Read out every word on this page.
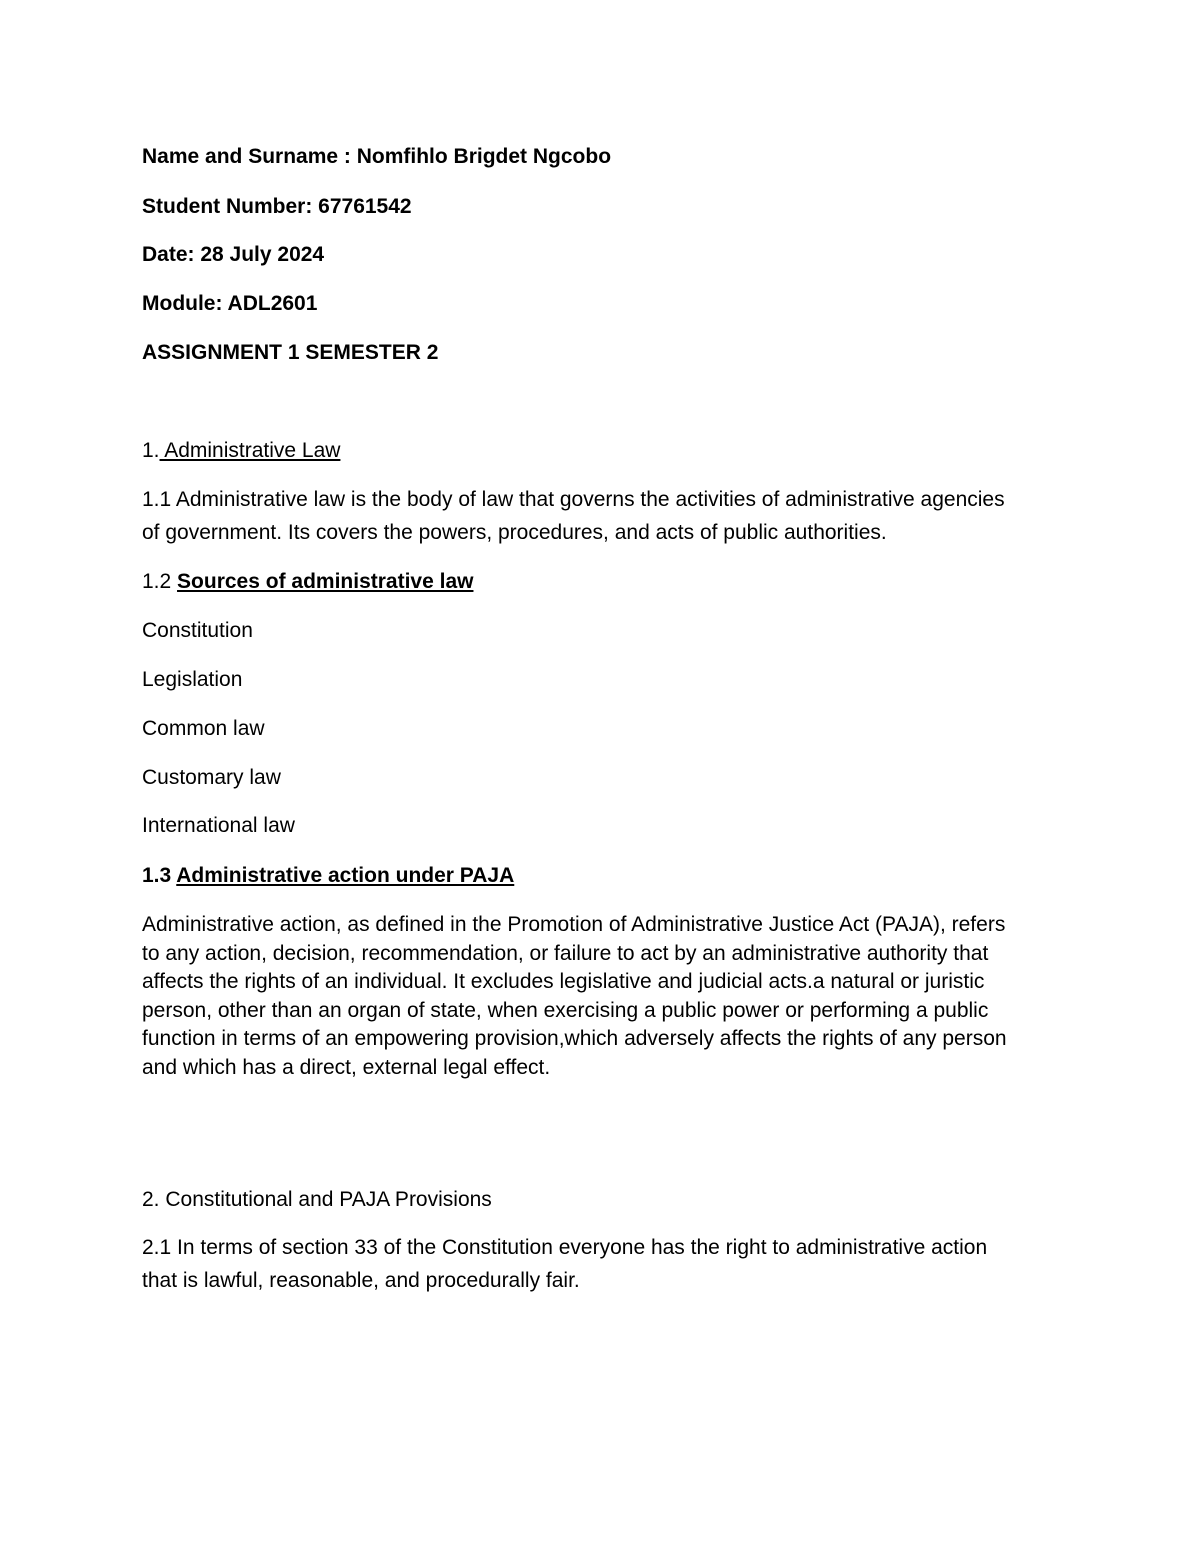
Name and Surname : Nomfihlo Brigdet Ngcobo
Student Number: 67761542
Date: 28 July 2024
Module: ADL2601
ASSIGNMENT 1 SEMESTER 2
1. Administrative Law
1.1 Administrative law is the body of law that governs the activities of administrative agencies
of government. Its covers the powers, procedures, and acts of public authorities.
1.2 Sources of administrative law
Constitution
Legislation
Common law
Customary law
International law
1.3 Administrative action under PAJA
Administrative action, as defined in the Promotion of Administrative Justice Act (PAJA), refers
to any action, decision, recommendation, or failure to act by an administrative authority that
affects the rights of an individual. It excludes legislative and judicial acts.a natural or juristic
person, other than an organ of state, when exercising a public power or performing a public
function in terms of an empowering provision,which adversely affects the rights of any person
and which has a direct, external legal effect.
2. Constitutional and PAJA Provisions
2.1 In terms of section 33 of the Constitution everyone has the right to administrative action
that is lawful, reasonable, and procedurally fair.
